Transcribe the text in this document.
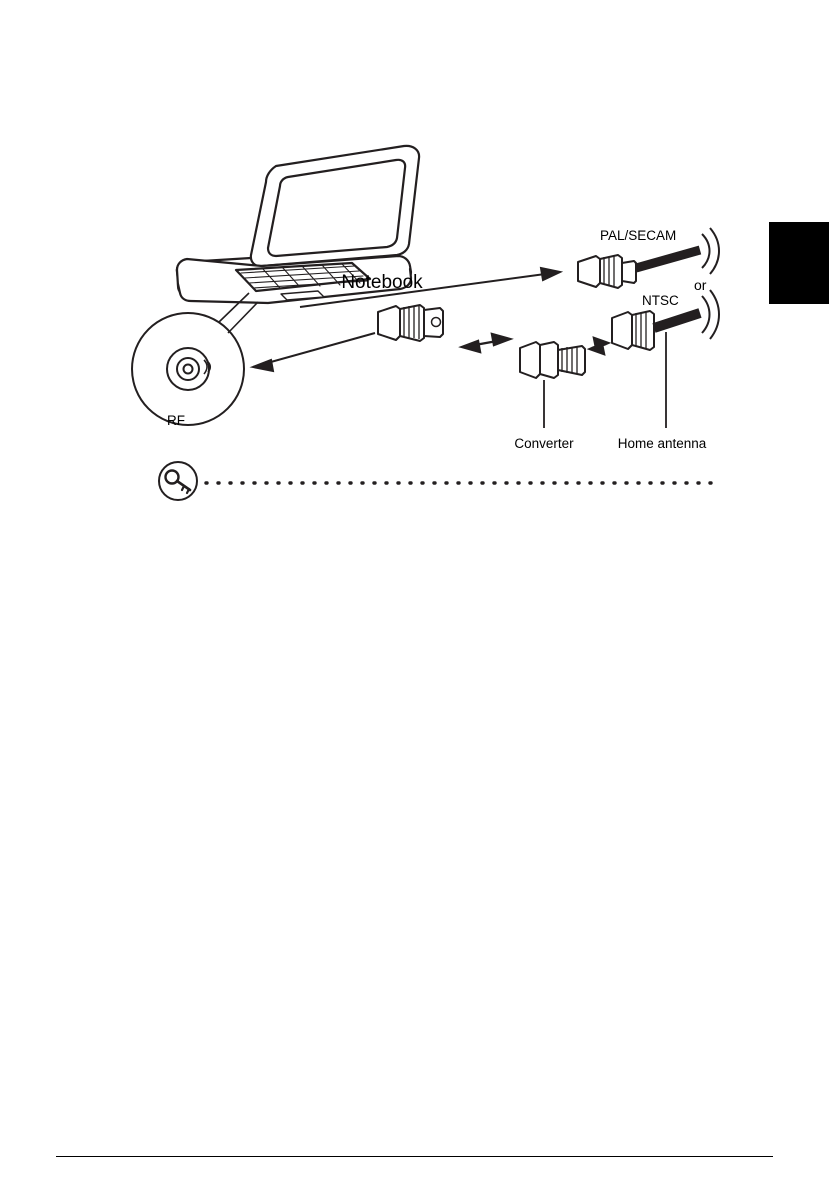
Notebook
RF
PAL/SECAM
NTSC
or
Converter	Home antenna
